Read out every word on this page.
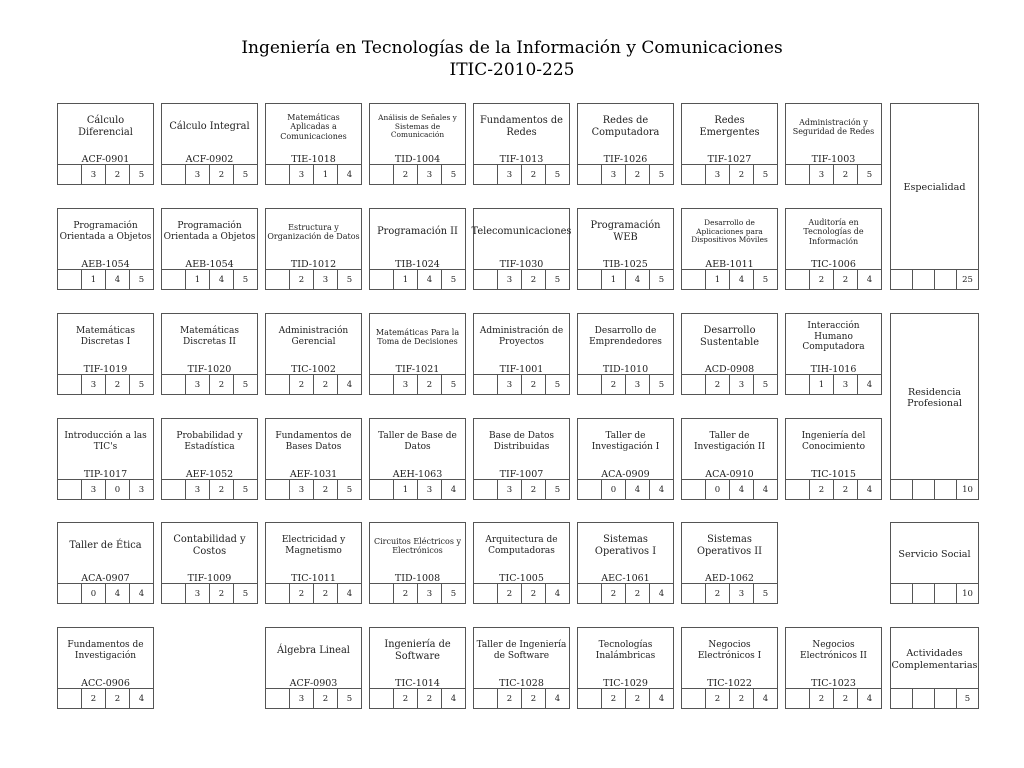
Ingeniería en Tecnologías de la Información y Comunicaciones
ITIC-2010-225
Cálculo Diferencial
ACF-0901
3	2	5
Programación Orientada a Objetos
AEB-1054
1	4	5
Matemáticas Discretas I
TIF-1019
3	2	5
Introducción a las TIC's
TIP-1017
3	0	3
Taller de Ética
ACA-0907
0	4	4
Fundamentos de Investigación
ACC-0906
2	2	4
Cálculo Integral
ACF-0902
3	2	5
Programación Orientada a Objetos
AEB-1054
1	4	5
Matemáticas Discretas II
TIF-1020
3	2	5
Probabilidad y Estadística
AEF-1052
3	2	5
Contabilidad y Costos
TIF-1009
3	2	5
Matemáticas Aplicadas a Comunicaciones
TIE-1018
3	1	4
Estructura y Organización de Datos
TID-1012
2	3	5
Administración Gerencial
TIC-1002
2	2	4
Fundamentos de Bases Datos
AEF-1031
3	2	5
Electricidad y Magnetismo
TIC-1011
2	2	4
Álgebra Lineal
ACF-0903
3	2	5
Análisis de Señales y Sistemas de Comunicación
TID-1004
2	3	5
Programación II
TIB-1024
1	4	5
Matemáticas Para la Toma de Decisiones
TIF-1021
3	2	5
Taller de Base de Datos
AEH-1063
1	3	4
Circuitos Eléctricos y Electrónicos
TID-1008
2	3	5
Ingeniería de Software
TIC-1014
2	2	4
Fundamentos de Redes
TIF-1013
3	2	5
Telecomunicaciones
TIF-1030
3	2	5
Administración de Proyectos
TIF-1001
3	2	5
Base de Datos Distribuidas
TIF-1007
3	2	5
Arquitectura de Computadoras
TIC-1005
2	2	4
Taller de Ingeniería de Software
TIC-1028
2	2	4
Redes de Computadora
TIF-1026
3	2	5
Programación WEB
TIB-1025
1	4	5
Desarrollo de Emprendedores
TID-1010
2	3	5
Taller de Investigación I
ACA-0909
0	4	4
Sistemas Operativos I
AEC-1061
2	2	4
Tecnologías Inalámbricas
TIC-1029
2	2	4
Redes Emergentes
TIF-1027
3	2	5
Desarrollo de Aplicaciones para Dispositivos Móviles
AEB-1011
1	4	5
Desarrollo Sustentable
ACD-0908
2	3	5
Taller de Investigación II
ACA-0910
0	4	4
Sistemas Operativos II
AED-1062
2	3	5
Negocios Electrónicos I
TIC-1022
2	2	4
Administración y Seguridad de Redes
TIF-1003
3	2	5
Auditoría en Tecnologías de Información
TIC-1006
2	2	4
Interacción Humano Computadora
TIH-1016
1	3	4
Ingeniería del Conocimiento
TIC-1015
2	2	4
Negocios Electrónicos II
TIC-1023
2	2	4
Especialidad
25
Residencia Profesional
10
Servicio Social
10
Actividades Complementarias
5
